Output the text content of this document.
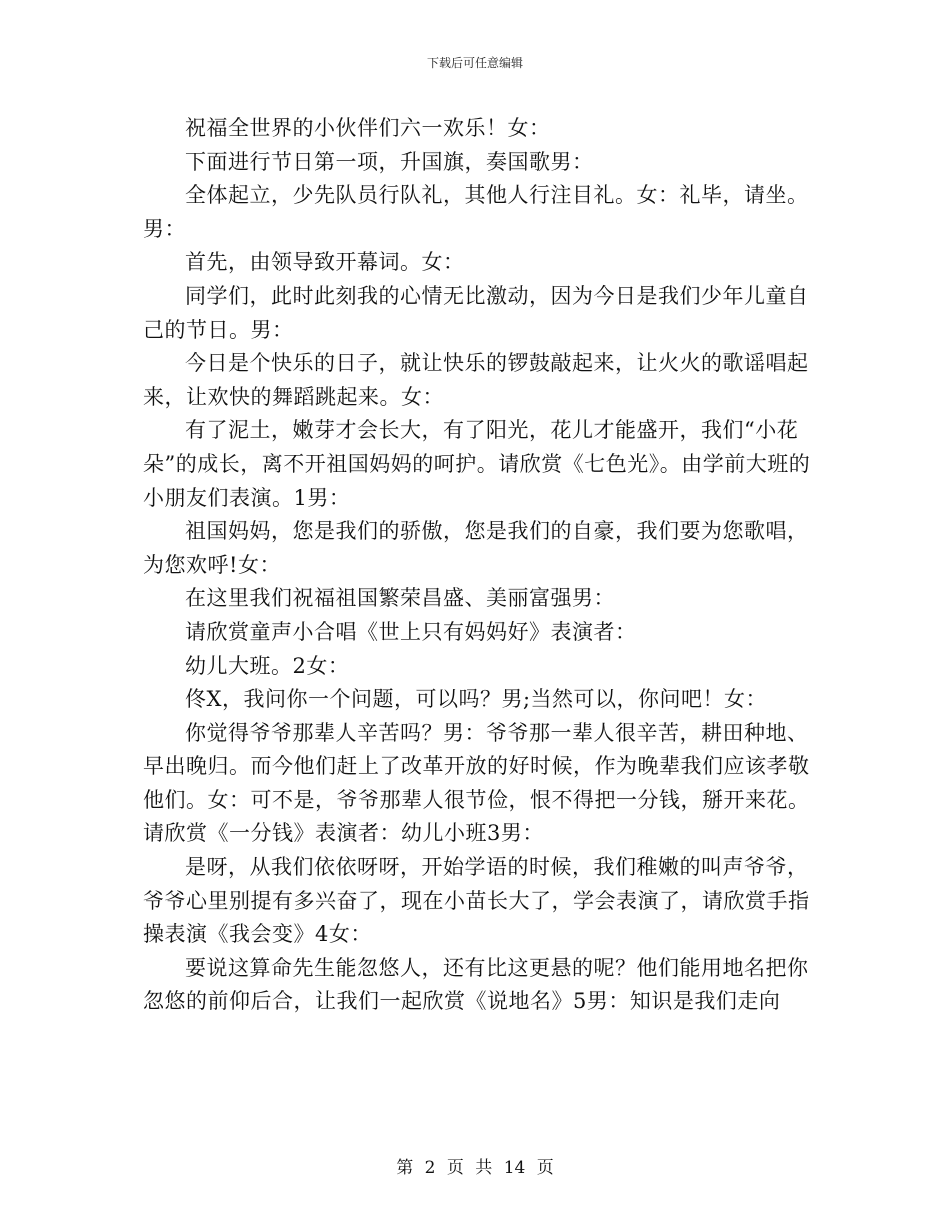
下载后可任意编辑

祝福全世界的小伙伴们六一欢乐！女：

下面进行节日第一项，升国旗，奏国歌男：

全体起立，少先队员行队礼，其他人行注目礼。女：礼毕，请坐。男：

首先，由领导致开幕词。女：

同学们，此时此刻我的心情无比激动，因为今日是我们少年儿童自己的节日。男：

今日是个快乐的日子，就让快乐的锣鼓敲起来，让火火的歌谣唱起来，让欢快的舞蹈跳起来。女：

有了泥土，嫩芽才会长大，有了阳光，花儿才能盛开，我们“小花朵”的成长，离不开祖国妈妈的呵护。请欣赏《七色光》。由学前大班的小朋友们表演。1男：

祖国妈妈，您是我们的骄傲，您是我们的自豪，我们要为您歌唱，为您欢呼!女：

在这里我们祝福祖国繁荣昌盛、美丽富强男：

请欣赏童声小合唱《世上只有妈妈好》表演者：

幼儿大班。2女：

佟X，我问你一个问题，可以吗？男;当然可以，你问吧！女：

你觉得爷爷那辈人辛苦吗？男：爷爷那一辈人很辛苦，耕田种地、早出晚归。而今他们赶上了改革开放的好时候，作为晚辈我们应该孝敬他们。女：可不是，爷爷那辈人很节俭，恨不得把一分钱，掰开来花。请欣赏《一分钱》表演者：幼儿小班3男：

是呀，从我们依依呀呀，开始学语的时候，我们稚嫩的叫声爷爷，爷爷心里别提有多兴奋了，现在小苗长大了，学会表演了，请欣赏手指操表演《我会变》4女：

要说这算命先生能忽悠人，还有比这更悬的呢？他们能用地名把你忽悠的前仰后合，让我们一起欣赏《说地名》5男：知识是我们走向

第 2 页 共 14 页
